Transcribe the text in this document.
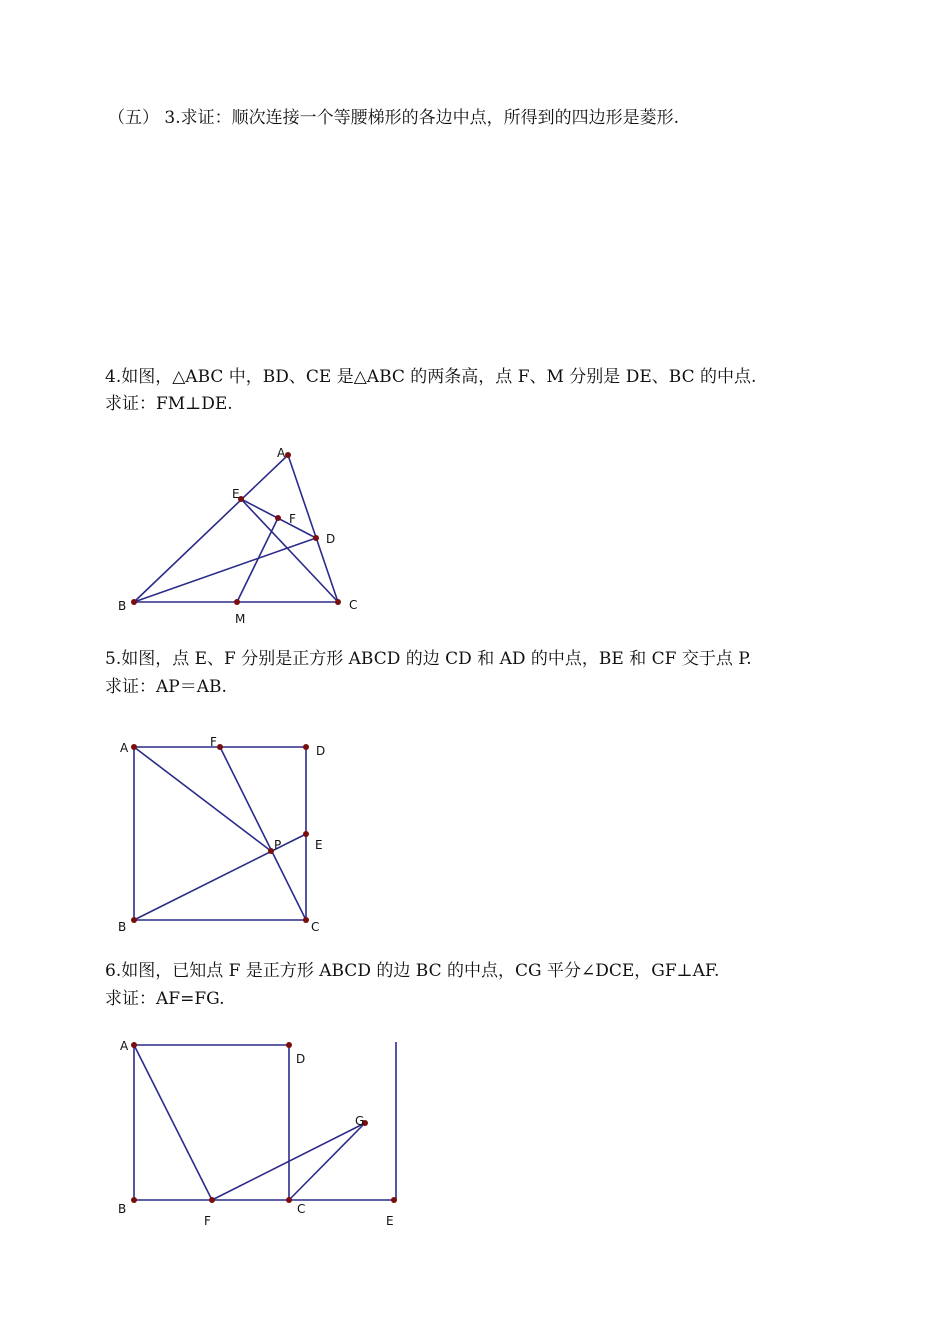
（五） 3.求证：顺次连接一个等腰梯形的各边中点，所得到的四边形是菱形.
4.如图，△ABC 中，BD、CE 是△ABC 的两条高，点 F、M 分别是 DE、BC 的中点.
求证：FM⊥DE.
A
E
F
D
B	C
M
5.如图，点 E、F 分别是正方形 ABCD 的边 CD 和 AD 的中点，BE 和 CF 交于点 P.
求证：AP＝AB.
A	F
D
P	E
B	C
6.如图，已知点 F 是正方形 ABCD 的边 BC 的中点，CG 平分∠DCE，GF⊥AF.
求证：AF=FG.
A
D
G
B	C
F	E
